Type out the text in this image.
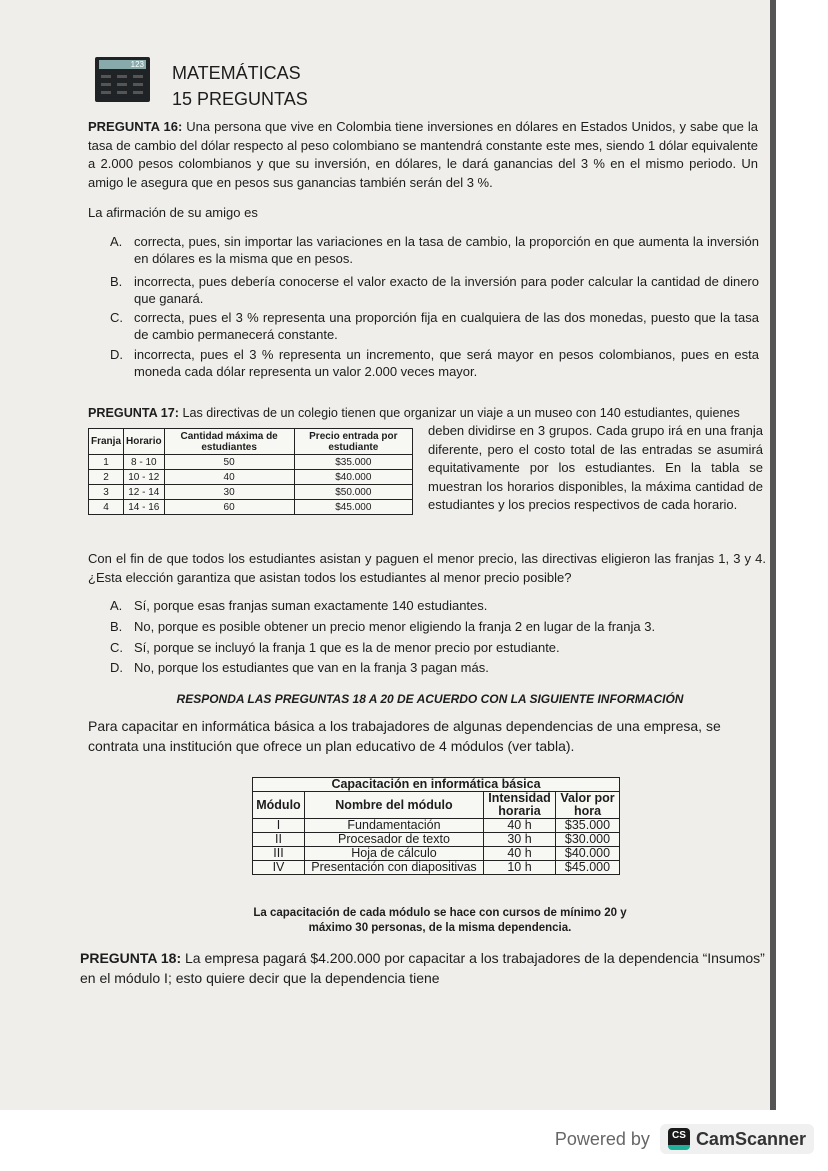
123 MATEMÁTICAS
15 PREGUNTAS
PREGUNTA 16: Una persona que vive en Colombia tiene inversiones en dólares en Estados Unidos, y sabe que la tasa de cambio del dólar respecto al peso colombiano se mantendrá constante este mes, siendo 1 dólar equivalente a 2.000 pesos colombianos y que su inversión, en dólares, le dará ganancias del 3 % en el mismo periodo. Un amigo le asegura que en pesos sus ganancias también serán del 3 %.
La afirmación de su amigo es
A. correcta, pues, sin importar las variaciones en la tasa de cambio, la proporción en que aumenta la inversión en dólares es la misma que en pesos.
B. incorrecta, pues debería conocerse el valor exacto de la inversión para poder calcular la cantidad de dinero que ganará.
C. correcta, pues el 3 % representa una proporción fija en cualquiera de las dos monedas, puesto que la tasa de cambio permanecerá constante.
D. incorrecta, pues el 3 % representa un incremento, que será mayor en pesos colombianos, pues en esta moneda cada dólar representa un valor 2.000 veces mayor.
PREGUNTA 17: Las directivas de un colegio tienen que organizar un viaje a un museo con 140 estudiantes, quienes
Franja	Horario	Cantidad máxima de estudiantes	Precio entrada por estudiante
1	8 - 10	50	$35.000
2	10 - 12	40	$40.000
3	12 - 14	30	$50.000
4	14 - 16	60	$45.000
deben dividirse en 3 grupos. Cada grupo irá en una franja diferente, pero el costo total de las entradas se asumirá equitativamente por los estudiantes. En la tabla se muestran los horarios disponibles, la máxima cantidad de estudiantes y los precios respectivos de cada horario.
Con el fin de que todos los estudiantes asistan y paguen el menor precio, las directivas eligieron las franjas 1, 3 y 4. ¿Esta elección garantiza que asistan todos los estudiantes al menor precio posible?
A. Sí, porque esas franjas suman exactamente 140 estudiantes.
B. No, porque es posible obtener un precio menor eligiendo la franja 2 en lugar de la franja 3.
C. Sí, porque se incluyó la franja 1 que es la de menor precio por estudiante.
D. No, porque los estudiantes que van en la franja 3 pagan más.
RESPONDA LAS PREGUNTAS 18 A 20 DE ACUERDO CON LA SIGUIENTE INFORMACIÓN
Para capacitar en informática básica a los trabajadores de algunas dependencias de una empresa, se contrata una institución que ofrece un plan educativo de 4 módulos (ver tabla).
Capacitación en informática básica			
Módulo	Nombre del módulo	Intensidad horaria	Valor por hora
I	Fundamentación	40 h	$35.000
II	Procesador de texto	30 h	$30.000
III	Hoja de cálculo	40 h	$40.000
IV	Presentación con diapositivas	10 h	$45.000
La capacitación de cada módulo se hace con cursos de mínimo 20 y máximo 30 personas, de la misma dependencia.
PREGUNTA 18: La empresa pagará $4.200.000 por capacitar a los trabajadores de la dependencia “Insumos” en el módulo I; esto quiere decir que la dependencia tiene
Powered by	CS CamScanner
